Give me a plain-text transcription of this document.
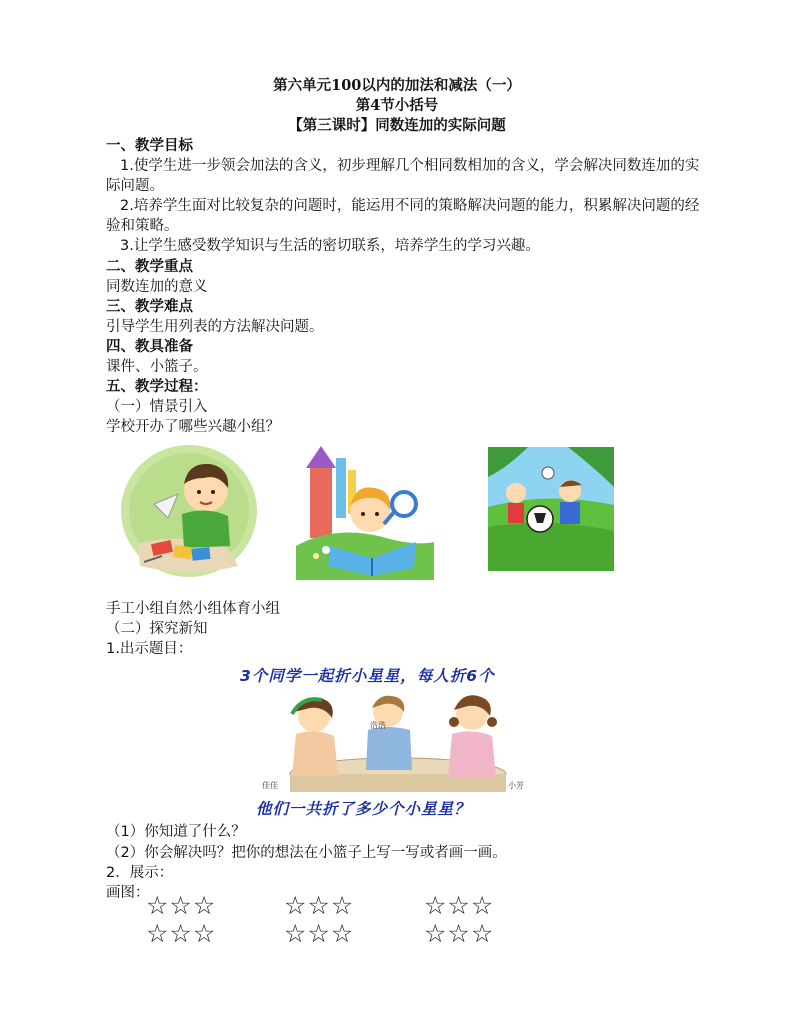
第六单元100以内的加法和减法（一）
第4节小括号
【第三课时】同数连加的实际问题
一、教学目标
1.使学生进一步领会加法的含义，初步理解几个相同数相加的含义，学会解决同数连加的实
际问题。
2.培养学生面对比较复杂的问题时，能运用不同的策略解决问题的能力，积累解决问题的经
验和策略。
3.让学生感受数学知识与生活的密切联系，培养学生的学习兴趣。
二、教学重点
同数连加的意义
三、教学难点
引导学生用列表的方法解决问题。
四、教具准备
课件、小篮子。
五、教学过程：
（一）情景引入
学校开办了哪些兴趣小组？
手工小组自然小组体育小组
（二）探究新知
1.出示题目：
3个同学一起折小星星，每人折6个
浩浩
佳佳	小芳
他们一共折了多少个小星星？
（1）你知道了什么？
（2）你会解决吗？把你的想法在小篮子上写一写或者画一画。
2．展示：
画图：
☆☆☆	☆☆☆	☆☆☆
☆☆☆	☆☆☆	☆☆☆
